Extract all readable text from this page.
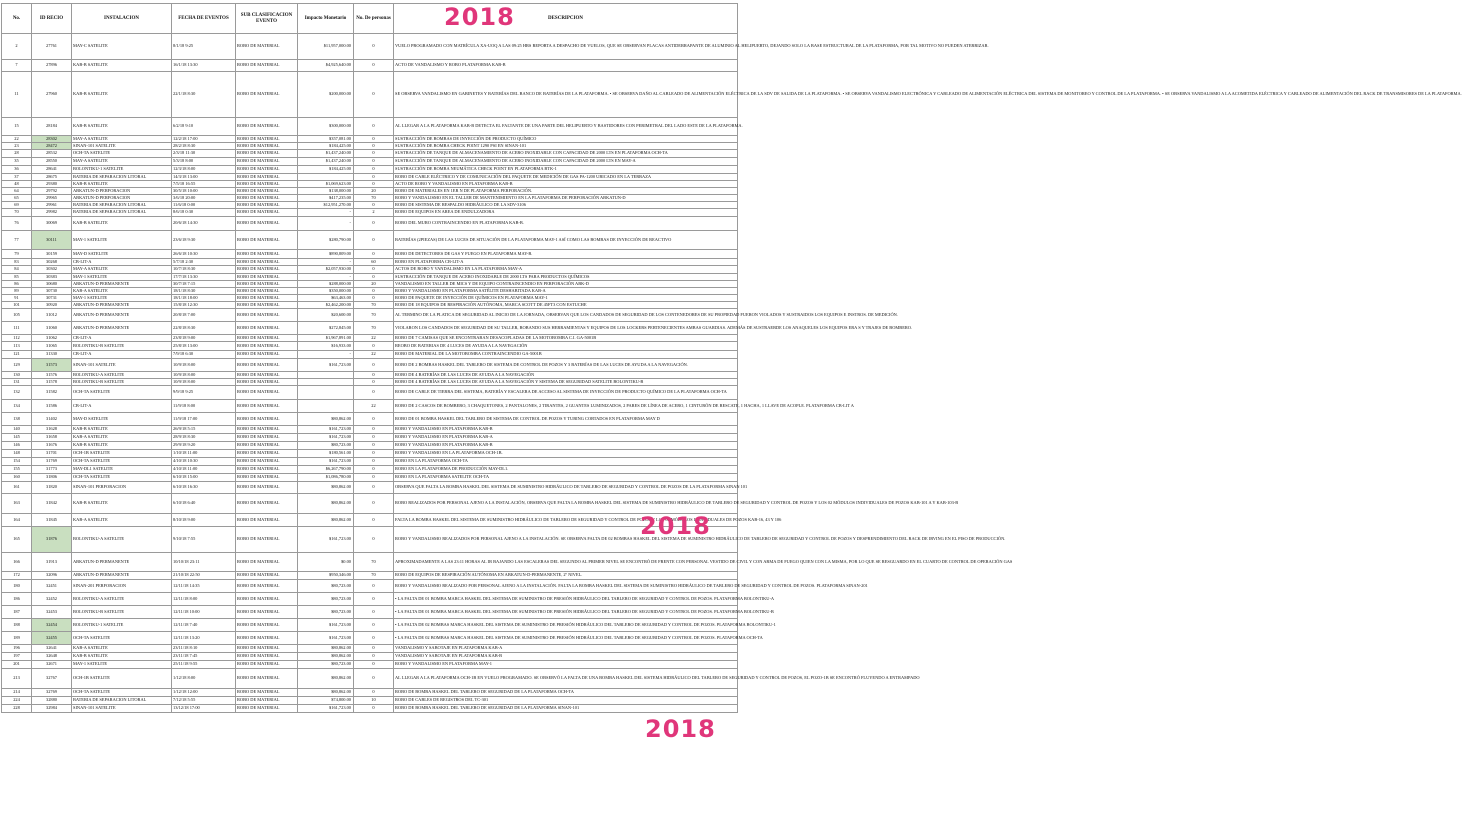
No.	ID RECIO	INSTALACION	FECHA DE EVENTOS	SUB CLASIFICACION EVENTO	Impacto Monetario	No. De personas	DESCRIPCION
2	27761	MAY-C SATELITE	8/1/18 9:25	ROBO DE MATERIAL	$11,957,000.00	0	VUELO PROGRAMADO CON MATRÍCULA XA-UOQ A LAS 09:25 HRS REPORTA A DESPACHO DE VUELOS, QUE SE OBSERVAN PLACAS ANTIDERRAPANTE DE ALUMINIO AL HELIPUERTO, DEJANDO SOLO LA BASE ESTRUCTURAL DE LA PLATAFORMA, POR TAL MOTIVO NO PUEDEN ATERRIZAR.
7	27896	KAB-B SATELITE	16/1/18 13:30	ROBO DE MATERIAL	$4,925,640.00	0	ACTO DE VANDALISMO Y ROBO PLATAFORMA KAB-B
11	27960	KAB-B SATELITE	22/1/18 8:30	ROBO DE MATERIAL	$200,000.00	0	SE OBSERVA VANDALISMO EN GABINETES Y BATERÍAS DEL BANCO DE BATERÍAS DE LA PLATAFORMA. • SE OBSERVA DAÑO AL CABLEADO DE ALIMENTACIÓN ELÉCTRICA DE LA SDV DE SALIDA DE LA PLATAFORMA. • SE OBSERVA VANDALISMO ELECTRÓNICA Y CABLEADO DE ALIMENTACIÓN ELÉCTRICA DEL SISTEMA DE MONITOREO Y CONTROL DE LA PLATAFORMA. • SE OBSERVA VANDALISMO A LA ACOMETIDA ELÉCTRICA Y CABLEADO DE ALIMENTACIÓN DEL RACK DE TRANSMISORES DE LA PLATAFORMA.
15	28184	KAB-B SATELITE	6/2/18 9:10	ROBO DE MATERIAL	$300,000.00	0	AL LLEGAR A LA PLATAFORMA KAB-B DETECTA EL FALTANTE DE UNA PARTE DEL HELIPUERTO Y BASTIDORES CON PERIMETRAL DEL LADO ESTE DE LA PLATAFORMA.
22	28302	MAY-A SATELITE	12/2/18 17:00	ROBO DE MATERIAL	$357,081.00	0	SUSTRACCIÓN DE BOMBAS DE INYECCIÓN DE PRODUCTO QUÍMICO
23	28472	SINAN-101 SATELITE	28/2/18 8:30	ROBO DE MATERIAL	$184,425.00	0	SUSTRACCIÓN DE BOMBA CHECK POINT 1290 PSI EN SINAN-101
28	28532	OCH-TA SATELITE	2/3/18 11:30	ROBO DE MATERIAL	$1,437,240.00	0	SUSTRACCIÓN DE TANQUE DE ALMACENAMIENTO DE ACERO INOXIDABLE CON CAPACIDAD DE 2000 LTS EN PLATAFORMA OCH-TA
35	28550	MAY-A SATELITE	5/3/18 8:00	ROBO DE MATERIAL	$1,437,240.00	0	SUSTRACCIÓN DE TANQUE DE ALMACENAMIENTO DE ACERO INOXIDABLE CON CAPACIDAD DE 2000 LTS EN MAY-A
36	28641	BOLONTIKU-1 SATELITE	12/3/18 8:00	ROBO DE MATERIAL	$184,425.00	0	SUSTRACCIÓN DE BOMBA NEUMÁTICA CHECK POINT EN PLATAFORMA BTK-1
37	28675	BATERIA DE SEPARACION LITORAL	14/3/18 13:00	ROBO DE MATERIAL		0	ROBO DE CABLE ELÉCTRICO Y DE COMUNICACIÓN DEL PAQUETE DE MEDICIÓN DE GAS PA-1200 UBICADO EN LA TERRAZA
48	29380	KAB-B SATELITE	7/5/18 16:55	ROBO DE MATERIAL	$1,069,623.00	0	ACTO DE ROBO Y VANDALISMO EN PLATAFORMA KAB-B
64	29792	ABKATUN-D PERFORACION	30/5/18 10:00	ROBO DE MATERIAL	$138,000.00	20	ROBO DE MATERIALES EN 1ER N DE PLATAFORMA PERFORACIÓN.
65	29965	ABKATUN-D PERFORACION	3/6/18 20:00	ROBO DE MATERIAL	$417,235.00	70	ROBO Y VANDALISMO EN EL TALLER DE MANTENIMIENTO EN LA PLATAFORMA DE PERFORACIÓN ABKATUN-D
69	29961	BATERIA DE SEPARACION LITORAL	11/6/18 0:00	ROBO DE MATERIAL	$12,951,270.00	0	ROBO DE SISTEMA DE RESPALDO HIDRÁULICO DE LA SDV-3106
70	29982	BATERIA DE SEPARACION LITORAL	8/6/18 0:30	ROBO DE MATERIAL	-	2	ROBO DE EQUIPOS EN AREA DE ENDULZADORA
76	30069	KAB-B SATELITE	20/6/18 14:30	ROBO DE MATERIAL	-	0	ROBO DEL MURO CONTRAINCENDIO EN PLATAFORMA KAB-B.
77	30111	MAY-1 SATELITE	23/6/18 9:30	ROBO DE MATERIAL	$280,790.00	0	BATERÍAS (2PIEZAS) DE LAS LUCES DE SITUACIÓN DE LA PLATAFORMA MAY-1 ASÍ COMO LAS BOMBAS DE INYECCIÓN DE REACTIVO
79	30159	MAY-D SATELITE	26/6/18 10:30	ROBO DE MATERIAL	$890,809.00	0	ROBO DE DETECTORES DE GAS Y FUEGO EN PLATAFORMA MAY-B.
83	30268	CB-LIT-A	5/7/18 2:30	ROBO DE MATERIAL	-	60	ROBO EN PLATAFORMA CB-LIT-A
84	30302	MAY-A SATELITE	10/7/18 8:30	ROBO DE MATERIAL	$2,057,930.00	0	ACTOS DE ROBO Y VANDALISMO EN LA PLATAFORMA MAY-A
85	30383	MAY-1 SATELITE	17/7/18 13:30	ROBO DE MATERIAL	-	0	SUSTRACCIÓN DE TANQUE DE ACERO INOXIDABLE DE 2000 LTS PARA PRODUCTOS QUÍMICOS
86	30680	ABKATUN-D PERMANENTE	30/7/18 7:15	ROBO DE MATERIAL	$288,000.00	20	VANDALISMO EN TALLER DE MICS Y DE EQUIPO CONTRAINCENDIO EN PERFORACIÓN ABK-D
89	30730	KAB-A SATELITE	18/1/18 8:30	ROBO DE MATERIAL	$350,000.00	0	ROBO Y VANDALISMO EN PLATAFORMA SATÉLITE DESHABITADA KAB-A
91	30731	MAY-1 SATELITE	18/1/18 18:00	ROBO DE MATERIAL	$63,463.00	0	ROBO DE PAQUETE DE INYECCIÓN DE QUÍMICOS EN PLATAFORMA MAY-1
101	30920	ABKATUN-D PERMANENTE	15/8/18 12:30	ROBO DE MATERIAL	$2,462,200.00	70	ROBO DE 18 EQUIPOS DE RESPIRACIÓN AUTÓNOMA, MARCA SCOTT DE 45FT3 CON ESTUCHE
105	31012	ABKATUN-D PERMANENTE	20/8/18 7:00	ROBO DE MATERIAL	$20,600.00	70	AL TERMINO DE LA PLATICA DE SEGURIDAD AL INICIO DE LA JORNADA, OBSERVAN QUE LOS CANDADOS DE SEGURIDAD DE LOS CONTENEDORES DE SU PROPIEDAD FUERON VIOLADOS Y SUSTRAIDOS LOS EQUIPOS E INSTROS. DE MEDICIÓN.
111	31060	ABKATUN-D PERMANENTE	22/8/18 8:30	ROBO DE MATERIAL	$272,845.00	70	VIOLARON LOS CANDADOS DE SEGURIDAD DE SU TALLER, ROBANDO SUS HERRAMIENTAS Y EQUIPOS DE LOS LOCKERS PERTENECIENTES AMBAS GUARDIAS. ADEMÁS DE SUSTRAERDE LOS ANAQUELES LOS EQUIPOS ERA S Y TRAJES DE BOMBERO.
112	31062	CB-LIT-A	23/8/18 9:00	ROBO DE MATERIAL	$1,967,891.00	22	ROBO DE 7 CAMISAS QUE SE ENCONTRABAN DESACOPLADAS DE LA MOTOBOMBA C.I. GA-5001B
113	31065	BOLONTIKU-B SATELITE	25/8/18 13:00	ROBO DE MATERIAL	$16,933.00	0	REOBO DE BATERIAS DE 4 LUCES DE AYUDA A LA NAVEGACIÓN
121	31330	CB-LIT-A	7/9/18 6:30	ROBO DE MATERIAL	-	22	ROBO DE MATERIAL DE LA MOTOBOMBA CONTRAINCENDIO GA-5001B
129	31573	SINAN-101 SATELITE	10/9/18 8:00	ROBO DE MATERIAL	$161,723.00	0	ROBO DE 2 BOMBAS HASKEL DEL TABLERO DE SISTEMA DE CONTROL DE POZOS Y 3 BATERÍAS DE LAS LUCES DE AYUDA A LA NAVEGACIÓN.
130	31576	BOLONTIKU-A SATELITE	10/9/18 8:00	ROBO DE MATERIAL		0	ROBO DE 4 BATERÍAS DE LAS LUCES DE AYUDA A LA NAVEGACIÓN
131	31578	BOLONTIKU-B SATELITE	10/9/18 8:00	ROBO DE MATERIAL		0	ROBO DE 4 BATERÍAS DE LAS LUCES DE AYUDA A LA NAVEGACIÓN Y SISTEMA DE SEGURIDAD SATELITE BOLONTIKU-B
132	31582	OCH-TA SATELITE	9/9/18 9:25	ROBO DE MATERIAL		0	ROBO DE CABLE DE TIERRA DEL SISTEMA, BATERÍA Y ESCALERA DE ACCESO AL SISTEMA DE INYECCIÓN DE PRODUCTO QUÍMICO DE LA PLATAFORMA OCH-TA
134	31586	CB-LIT-A	11/9/18 8:00	ROBO DE MATERIAL		22	ROBO DE 2 CASCOS DE BOMBERO, 3 CHAQUETONES, 2 PANTALONES, 2 TIRANTES, 2 GUANTES LUMINIZADOS, 2 PARES DE LÍNEA DE ACERO, 1 CINTURÓN DE RESCATE, 1 HACHA, 1 LLAVE DE ACOPLE. PLATAFORMA CB-LIT A
138	31402	MAY-D SATELITE	11/9/18 17:00	ROBO DE MATERIAL	$80,862.00	0	ROBO DE 01 BOMBA HASKEL DEL TABLERO DE SISTEMA DE CONTROL DE POZOS Y TUBING CORTADOS EN PLATAFORMA MAY D
140	31628	KAB-B SATELITE	26/9/18 5:15	ROBO DE MATERIAL	$161,723.00	0	ROBO Y VANDALISMO EN PLATAFORMA KAB-B
145	31658	KAB-A SATELITE	28/9/18 8:30	ROBO DE MATERIAL	$161,723.00	0	ROBO Y VANDALISMO EN PLATAFORMA KAB-A
146	31676	KAB-B SATELITE	29/9/18 9:20	ROBO DE MATERIAL	$80,723.00	0	ROBO Y VANDALISMO EN PLATAFORMA KAB-B
148	31701	OCH-1B SATELITE	1/10/18 11:00	ROBO DE MATERIAL	$180,561.00	0	ROBO Y VANDALISMO EN LA PLATAFORMA OCH-1B.
154	31769	OCH-TA SATELITE	4/10/18 10:30	ROBO DE MATERIAL	$161,723.00	0	ROBO EN LA PLATAFORMA OCH-TA
155	31773	MAY-DL1 SATELITE	4/10/18 11:00	ROBO DE MATERIAL	$6,267,790.00	0	ROBO EN LA PLATAFORMA DE PRODUCCIÓN MAY-DL1.
160	31806	OCH-TA SATELITE	6/10/18 15:00	ROBO DE MATERIAL	$1,086,780.00	0	ROBO EN LA PLATAFORMA SATELITE OCH-TA
161	31820	SINAN-101 PERFORACION	6/10/18 16:30	ROBO DE MATERIAL	$80,862.00	0	OBSERVA QUE FALTA LA BOMBA HASKEL DEL SISTEMA DE SUMINISTRO HIDRÁULICO DE TABLERO DE SEGURIDAD Y CONTROL DE POZOS DE LA PLATAFORMA SINAN 101
163	31842	KAB-B SATELITE	6/10/18 6:40	ROBO DE MATERIAL	$80,862.00	0	ROBO REALIZADOS POR PERSONAL AJENO A LA INSTALACIÓN, OBSERVA QUE FALTA LA BOMBA HASKEL DEL SISTEMA DE SUMINISTRO HIDRÁULICO DE TABLERO DE SEGURIDAD Y CONTROL DE POZOS Y LOS 02 MÓDULOS INDIVIDUALES DE POZOS KAB-101 A Y KAB-103-B
164	31845	KAB-A SATELITE	8/10/18 9:00	ROBO DE MATERIAL	$80,862.00	0	FALTA LA BOMBA HASKEL DEL SISTEMA DE SUMINISTRO HIDRÁULICO DE TABLERO DE SEGURIDAD Y CONTROL DE POZOS Y LOS 02 MÓDULOS INDIVIDUALES DE POZOS KAB-16, 43 Y 106
165	31876	BOLONTIKU-A SATELITE	9/10/18 7:55	ROBO DE MATERIAL	$161,723.00	0	ROBO Y VANDALISMO REALIZADOS POR PERSONAL AJENO A LA INSTALACIÓN. SE OBSERVA FALTA DE 02 BOMBAS HASKEL DEL SISTEMA DE SUMINISTRO HIDRÁULICO DE TABLERO DE SEGURIDAD Y CONTROL DE POZOS Y DESPRENDIMIENTO DEL RACK DE IRVING EN EL PISO DE PRODUCCIÓN.
166	31913	ABKATUN-D PERMANENTE	10/10/18 23:11	ROBO DE MATERIAL	$0.00	70	APROXIMADAMENTE A LAS 23:11 HORAS AL IR BAJANDO LAS ESCALERAS DEL SEGUNDO AL PRIMER NIVEL SE ENCONTRÓ DE FRENTE CON PERSONAL VESTIDO DE CIVIL Y CON ARMA DE FUEGO QUIEN CON LA MISMA, POR LO QUE SE RESGUARDO EN EL CUARTO DE CONTROL DE OPERACIÓN GAS
172	32096	ABKATUN-D PERMANENTE	21/10/18 22:50	ROBO DE MATERIAL	$950,346.00	70	ROBO DE EQUIPOS DE RESPIRACIÓN AUTÓNOMA EN ABKATUN-D-PERMANENTE, 2º NIVEL.
180	32451	SINAN-201 PERFORACION	12/11/18 14:35	ROBO DE MATERIAL	$80,723.00	0	ROBO Y VANDALISMO REALIZADO POR PERSONAL AJENO A LA INSTALACIÓN. FALTA LA BOMBA HASKEL DEL SISTEMA DE SUMINISTRO HIDRÁULICO DE TABLERO DE SEGURIDAD Y CONTROL DE POZOS. PLATAFORMA SINAN-201
186	32452	BOLONTIKU-A SATELITE	12/11/18 8:00	ROBO DE MATERIAL	$80,723.00	0	• LA FALTA DE 01 BOMBA MARCA HASKEL DEL SISTEMA DE SUMINISTRO DE PRESIÓN HIDRÁULICO DEL TABLERO DE SEGURIDAD Y CONTROL DE POZOS. PLATAFORMA BOLONTIKU-A
187	32453	BOLONTIKU-B SATELITE	12/11/18 10:00	ROBO DE MATERIAL	$80,723.00	0	• LA FALTA DE 01 BOMBA MARCA HASKEL DEL SISTEMA DE SUMINISTRO DE PRESIÓN HIDRÁULICO DEL TABLERO DE SEGURIDAD Y CONTROL DE POZOS. PLATAFORMA BOLONTIKU-B
188	32454	BOLONTIKU-1 SATELITE	12/11/18 7:40	ROBO DE MATERIAL	$161,723.00	0	• LA FALTA DE 02 BOMBAS MARCA HASKEL DEL SISTEMA DE SUMINISTRO DE PRESIÓN HIDRÁULICO DEL TABLERO DE SEGURIDAD Y CONTROL DE POZOS. PLATAFORMA BOLONTIKU-1
189	32455	OCH-TA SATELITE	12/11/18 13:20	ROBO DE MATERIAL	$161,723.00	0	• LA FALTA DE 02 BOMBAS MARCA HASKEL DEL SISTEMA DE SUMINISTRO DE PRESIÓN HIDRÁULICO DEL TABLERO DE SEGURIDAD Y CONTROL DE POZOS. PLATAFORMA OCH-TA
196	32641	KAB-A SATELITE	23/11/18 8:10	ROBO DE MATERIAL	$80,862.00	0	VANDALISMO Y SABOTAJE EN PLATAFORMA KAB-A
197	32648	KAB-B SATELITE	23/11/18 7:45	ROBO DE MATERIAL	$80,862.00	0	VANDALISMO Y SABOTAJE EN PLATAFORMA KAB-B
201	32671	MAY-1 SATELITE	25/11/18 9:55	ROBO DE MATERIAL	$80,723.00	0	ROBO Y VANDALISMO EN PLATAFORMA MAY-1
213	32767	OCH-1B SATELITE	1/12/18 8:00	ROBO DE MATERIAL	$80,862.00	0	AL LLEGAR A LA PLATAFORMA OCH-1B EN VUELO PROGRAMADO. SE OBSERVÓ LA FALTA DE UNA BOMBA HASKEL DEL SISTEMA HIDRÁULICO DEL TABLERO DE SEGURIDAD Y CONTROL DE POZOS, EL POZO-1B SE ENCONTRÓ FLUYENDO A ENTRAMPADO
214	32769	OCH-TA SATELITE	1/12/18 12:00	ROBO DE MATERIAL	$80,862.00	0	ROBO DE BOMBA HASKEL DEL TABLERO DE SEGURIDAD DE LA PLATAFORMA OCH-TA
224	32880	BATERIA DE SEPARACION LITORAL	7/12/18 5:55	ROBO DE MATERIAL	$74,800.00	10	ROBO DE CABLES DE REGISTROS DEL TC-301
228	32984	SINAN-101 SATELITE	13/12/18 17:00	ROBO DE MATERIAL	$161,723.00	0	ROBO DE BOMBA HASKEL DEL TABLERO DE SEGURIDAD DE LA PLATAFORMA SINAN-101
2018
2018
2018
